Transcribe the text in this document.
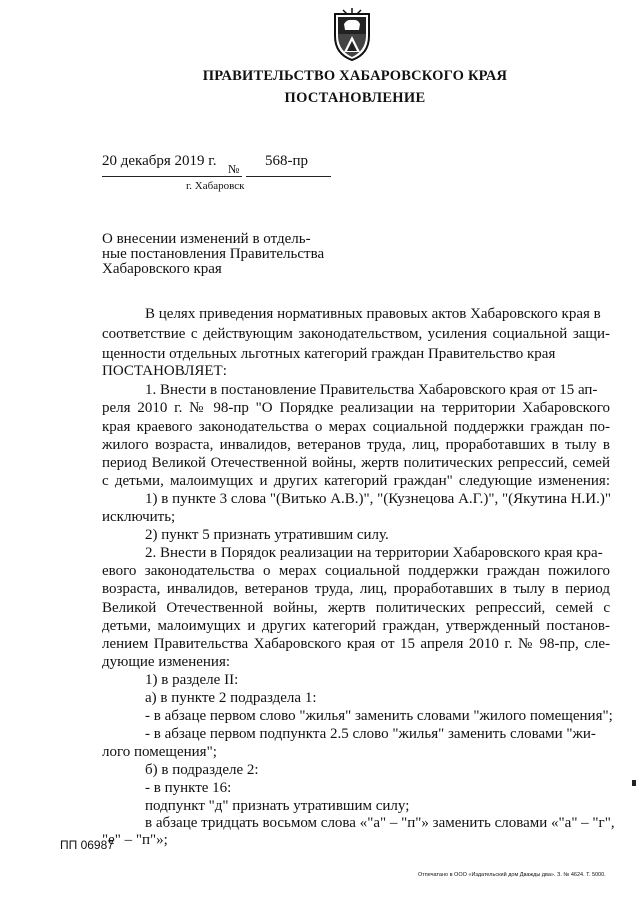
ПРАВИТЕЛЬСТВО ХАБАРОВСКОГО КРАЯ
ПОСТАНОВЛЕНИЕ
20 декабря 2019 г. № 568-пр
г. Хабаровск
О внесении изменений в отдель-
ные постановления Правительства
Хабаровского края
В целях приведения нормативных правовых актов Хабаровского края в
соответствие с действующим законодательством, усиления социальной защи-
щенности отдельных льготных категорий граждан Правительство края
ПОСТАНОВЛЯЕТ:
1. Внести в постановление Правительства Хабаровского края от 15 ап-
реля 2010 г. № 98-пр "О Порядке реализации на территории Хабаровского
края краевого законодательства о мерах социальной поддержки граждан по-
жилого возраста, инвалидов, ветеранов труда, лиц, проработавших в тылу в
период Великой Отечественной войны, жертв политических репрессий, семей
с детьми, малоимущих и других категорий граждан" следующие изменения:
1) в пункте 3 слова "(Витько А.В.)", "(Кузнецова А.Г.)", "(Якутина Н.И.)"
исключить;
2) пункт 5 признать утратившим силу.
2. Внести в Порядок реализации на территории Хабаровского края кра-
евого законодательства о мерах социальной поддержки граждан пожилого
возраста, инвалидов, ветеранов труда, лиц, проработавших в тылу в период
Великой Отечественной войны, жертв политических репрессий, семей с
детьми, малоимущих и других категорий граждан, утвержденный постанов-
лением Правительства Хабаровского края от 15 апреля 2010 г. № 98-пр, сле-
дующие изменения:
1) в разделе II:
а) в пункте 2 подраздела 1:
- в абзаце первом слово "жилья" заменить словами "жилого помещения";
- в абзаце первом подпункта 2.5 слово "жилья" заменить словами "жи-
лого помещения";
б) в подразделе 2:
- в пункте 16:
подпункт "д" признать утратившим силу;
в абзаце тридцать восьмом слова «"а" – "п"» заменить словами «"а" – "г",
"е" – "п"»;
ПП 06987
Отпечатано в ООО «Издательский дом Дважды два». З. № 4624. Т. 5000.
